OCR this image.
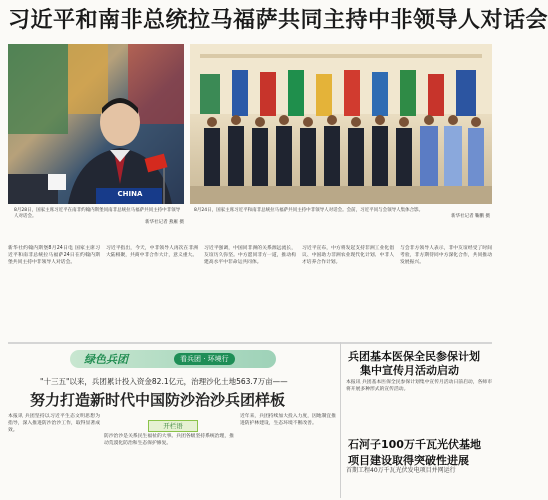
习近平和南非总统拉马福萨共同主持中非领导人对话会
CHINA
8月28日，国家主席习近平在南非约翰内斯堡同南非总统拉马福萨共同主持中非领导人对话会。

新华社记者 燕雁 摄
8月24日，国家主席习近平和南非总统拉马福萨共同主持中非领导人对话会。会前，习近平同与会领导人集体合影。

新华社记者 鞠鹏 摄
新华社约翰内斯堡8月24日电 国家主席习近平和南非总统拉马福萨24日在约翰内斯堡共同主持中非领导人对话会。
习近平指出，今天，中非领导人再次在非洲大陆相聚，共商中非合作大计，意义重大。
习近平强调，中国同非洲的关系源远流长，友谊历久弥坚。中方愿同非方一道，推动构建高水平中非命运共同体。
习近平宣布，中方将发起支持非洲工业化倡议、中国助力非洲农业现代化计划、中非人才培养合作计划。
与会非方领导人表示，非中友谊经受了时间考验，非方期待同中方深化合作，共同推动发展振兴。
绿色兵团	看兵团 · 环境行
"十三五"以来，兵团累计投入资金82.1亿元，治理沙化土地563.7万亩——
努力打造新时代中国防沙治沙兵团样板
开栏语
本报讯 兵团坚持以习近平生态文明思想为指导，深入推进防沙治沙工作，取得显著成效。
防沙治沙是关系民生福祉的大事。兵团各级坚持系统治理，推动荒漠化防治和生态保护修复。
近年来，兵团持续加大投入力度，因地制宜推进防护林建设，生态环境不断改善。
兵团基本医保全民参保计划
集中宣传月活动启动
本报讯 兵团基本医保全民参保计划集中宣传月活动日前启动，各师市将开展多种形式的宣传活动。
石河子100万千瓦光伏基地
项目建设取得突破性进展
首期工程40万千瓦光伏发电项目并网运行
